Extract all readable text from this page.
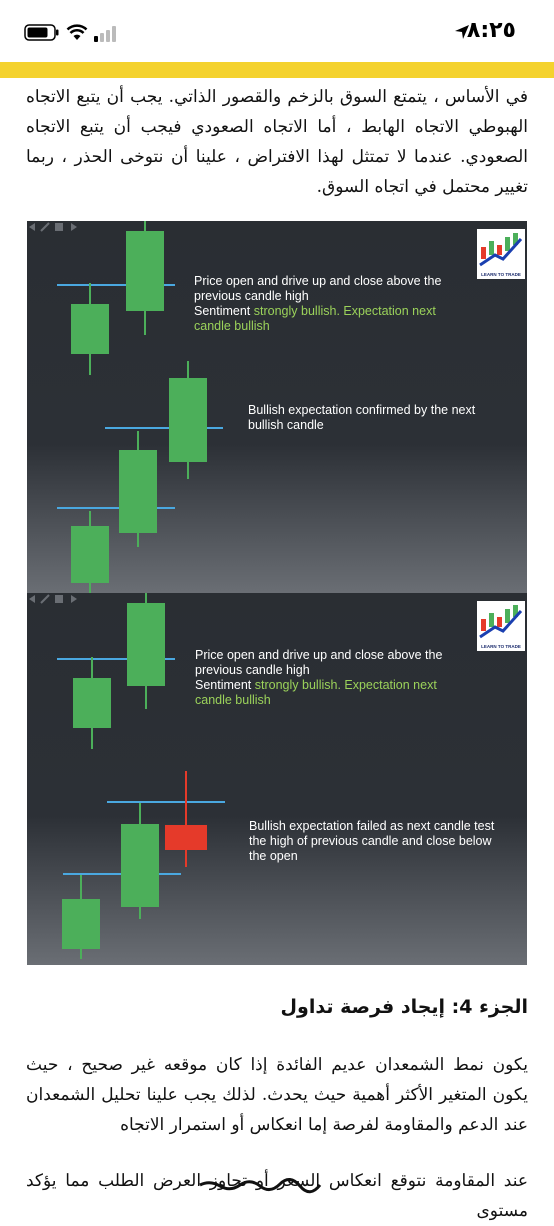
٨:٢٥
في الأساس ، يتمتع السوق بالزخم والقصور الذاتي. يجب أن يتبع الاتجاه الهبوطي الاتجاه الهابط ، أما الاتجاه الصعودي فيجب أن يتبع الاتجاه الصعودي. عندما لا تمتثل لهذا الافتراض ، علينا أن نتوخى الحذر ، ربما تغيير محتمل في اتجاه السوق.
LEARN TO TRADE
Price open and drive up and close above the previous candle high
Sentiment strongly bullish. Expectation next candle bullish
Bullish expectation confirmed by the next bullish candle
LEARN TO TRADE
Price open and drive up and close above the previous candle high
Sentiment strongly bullish. Expectation next candle bullish
Bullish expectation failed as next candle test the high of previous candle and close below the open
الجزء 4: إيجاد فرصة تداول
يكون نمط الشمعدان عديم الفائدة إذا كان موقعه غير صحيح ، حيث يكون المتغير الأكثر أهمية حيث يحدث. لذلك يجب علينا تحليل الشمعدان عند الدعم والمقاومة لفرصة إما انعكاس أو استمرار الاتجاه
عند المقاومة نتوقع انعكاس السعر أو تجاوز العرض الطلب مما يؤكد مستوى
